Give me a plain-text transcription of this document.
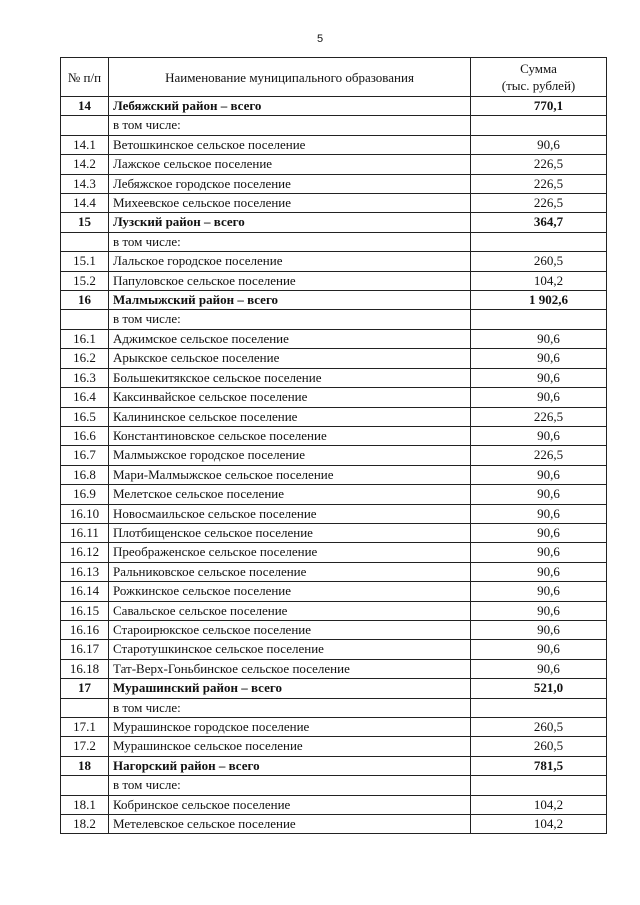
5
№ п/п	Наименование муниципального образования	Сумма
(тыс. рублей)
14	Лебяжский район – всего	770,1
	в том числе:	
14.1	Ветошкинское сельское поселение	90,6
14.2	Лажское сельское поселение	226,5
14.3	Лебяжское городское поселение	226,5
14.4	Михеевское сельское поселение	226,5
15	Лузский район – всего	364,7
	в том числе:	
15.1	Лальское городское поселение	260,5
15.2	Папуловское сельское поселение	104,2
16	Малмыжский район – всего	1 902,6
	в том числе:	
16.1	Аджимское сельское поселение	90,6
16.2	Арыкское сельское поселение	90,6
16.3	Большекитякское сельское поселение	90,6
16.4	Каксинвайское сельское поселение	90,6
16.5	Калининское сельское поселение	226,5
16.6	Константиновское сельское поселение	90,6
16.7	Малмыжское городское поселение	226,5
16.8	Мари-Малмыжское сельское поселение	90,6
16.9	Мелетское сельское поселение	90,6
16.10	Новосмаильское сельское поселение	90,6
16.11	Плотбищенское сельское поселение	90,6
16.12	Преображенское сельское поселение	90,6
16.13	Ральниковское сельское поселение	90,6
16.14	Рожкинское сельское поселение	90,6
16.15	Савальское сельское поселение	90,6
16.16	Староирюкское сельское поселение	90,6
16.17	Старотушкинское сельское поселение	90,6
16.18	Тат-Верх-Гоньбинское сельское поселение	90,6
17	Мурашинский район – всего	521,0
	в том числе:	
17.1	Мурашинское городское поселение	260,5
17.2	Мурашинское сельское поселение	260,5
18	Нагорский район – всего	781,5
	в том числе:	
18.1	Кобринское сельское поселение	104,2
18.2	Метелевское сельское поселение	104,2
